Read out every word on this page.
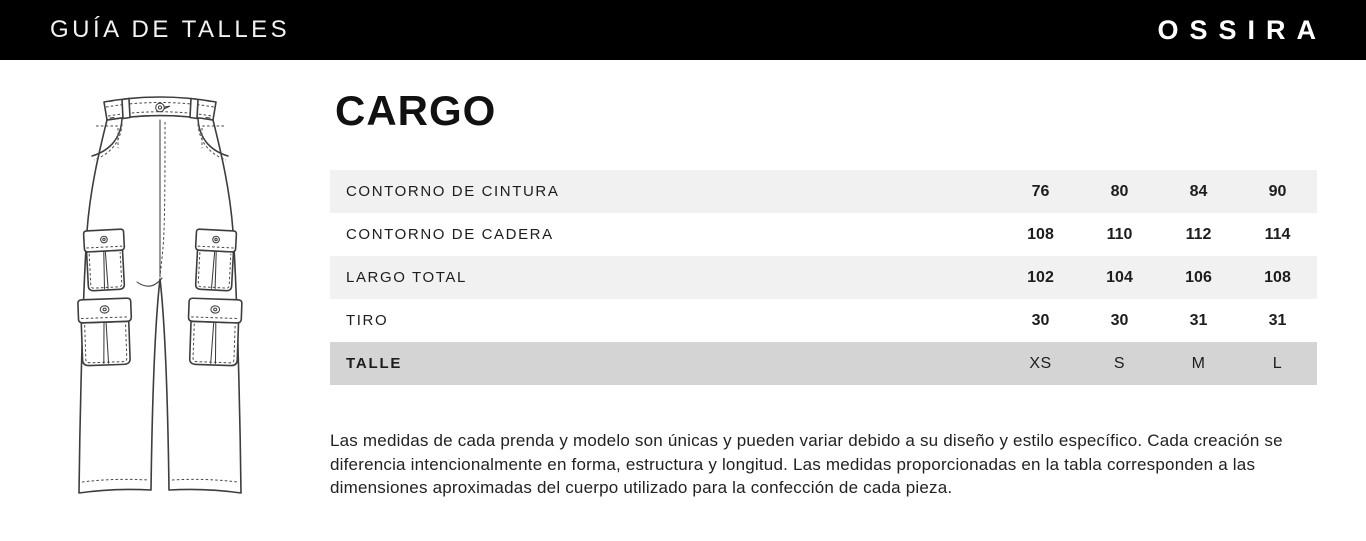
GUÍA DE TALLES	OSSIRA
CARGO
CONTORNO DE CINTURA	76	80	84	90
CONTORNO DE CADERA	108	110	112	114
LARGO TOTAL	102	104	106	108
TIRO	30	30	31	31
TALLE	XS	S	M	L

Las medidas de cada prenda y modelo son únicas y pueden variar debido a su diseño y estilo específico. Cada creación se diferencia intencionalmente en forma, estructura y longitud. Las medidas proporcionadas en la tabla corresponden a las dimensiones aproximadas del cuerpo utilizado para la confección de cada pieza.
